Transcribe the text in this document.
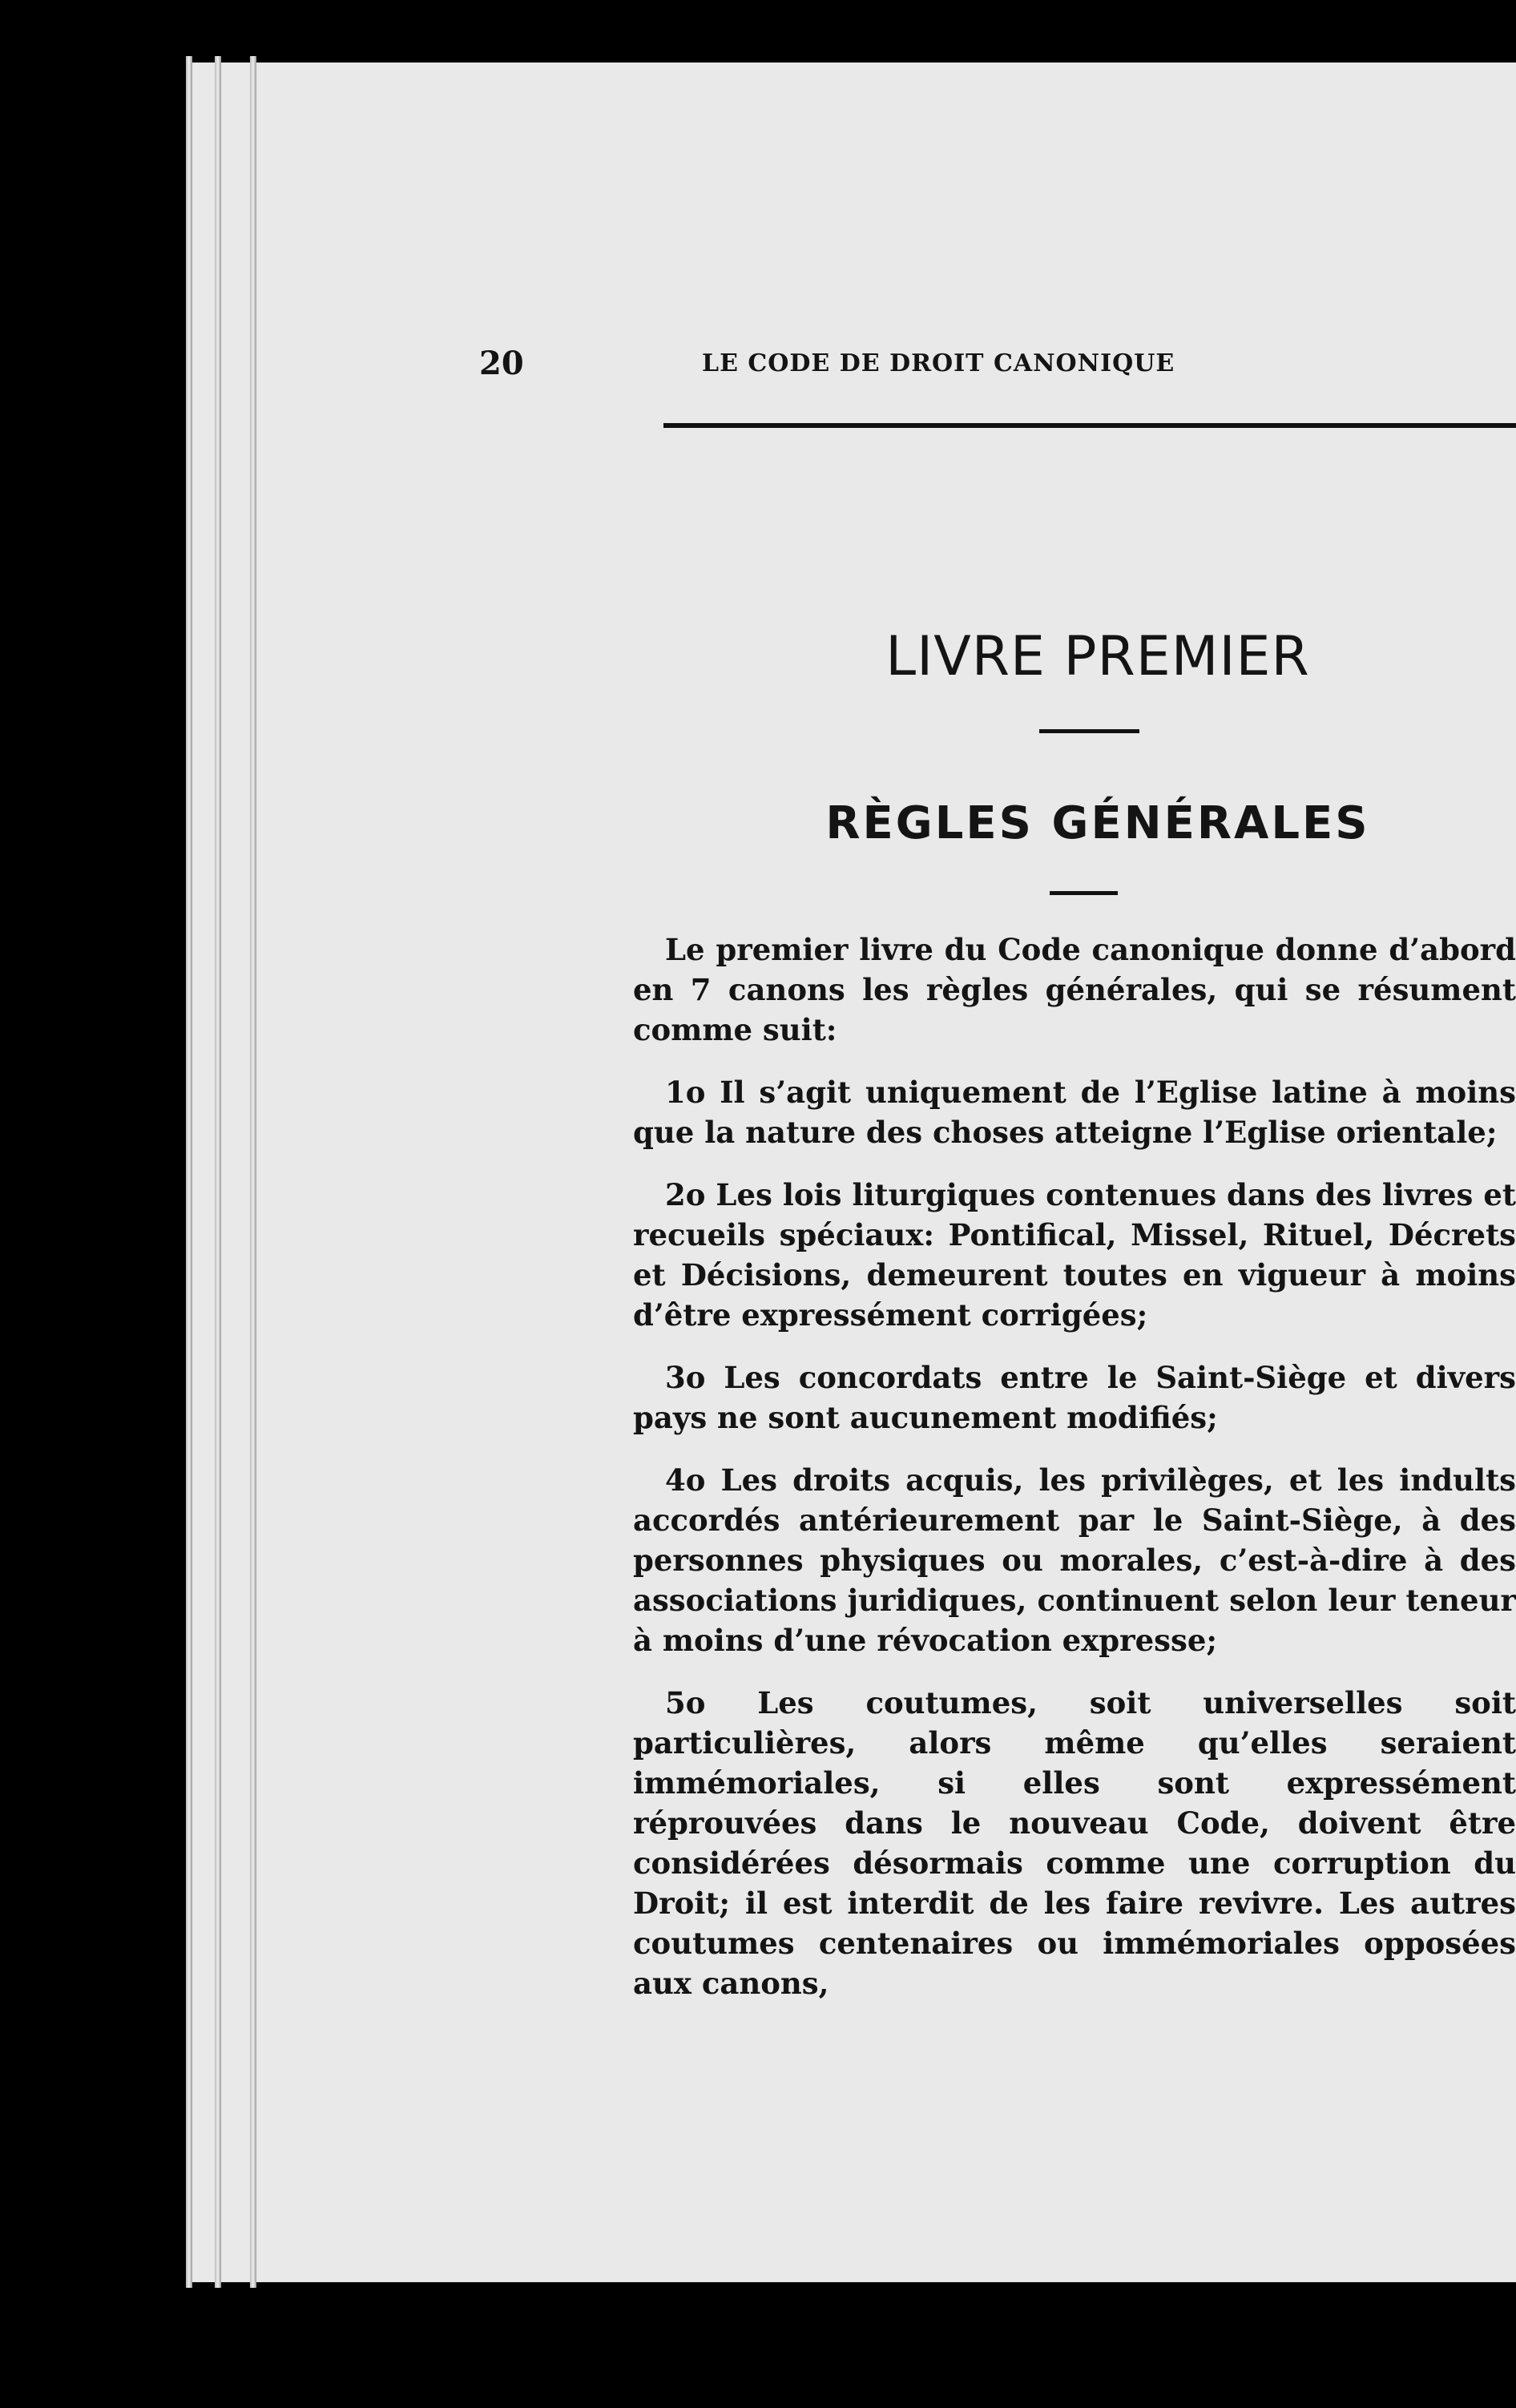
20	LE CODE DE DROIT CANONIQUE
LIVRE PREMIER
RÈGLES GÉNÉRALES

Le premier livre du Code canonique donne d’abord en 7 canons les règles générales, qui se résument comme suit:

1o Il s’agit uniquement de l’Eglise latine à moins que la nature des choses atteigne l’Eglise orientale;

2o Les lois liturgiques contenues dans des livres et recueils spéciaux: Pontifical, Missel, Rituel, Décrets et Décisions, demeurent toutes en vigueur à moins d’être expressément corrigées;

3o Les concordats entre le Saint-Siège et divers pays ne sont aucunement modifiés;

4o Les droits acquis, les privilèges, et les indults accordés antérieurement par le Saint-Siège, à des personnes physiques ou morales, c’est-à-dire à des associations juridiques, continuent selon leur teneur à moins d’une révocation expresse;

5o Les coutumes, soit universelles soit particulières, alors même qu’elles seraient immémoriales, si elles sont expressément réprouvées dans le nouveau Code, doivent être considérées désormais comme une corruption du Droit; il est interdit de les faire revivre. Les autres coutumes centenaires ou immémoriales opposées aux canons,
